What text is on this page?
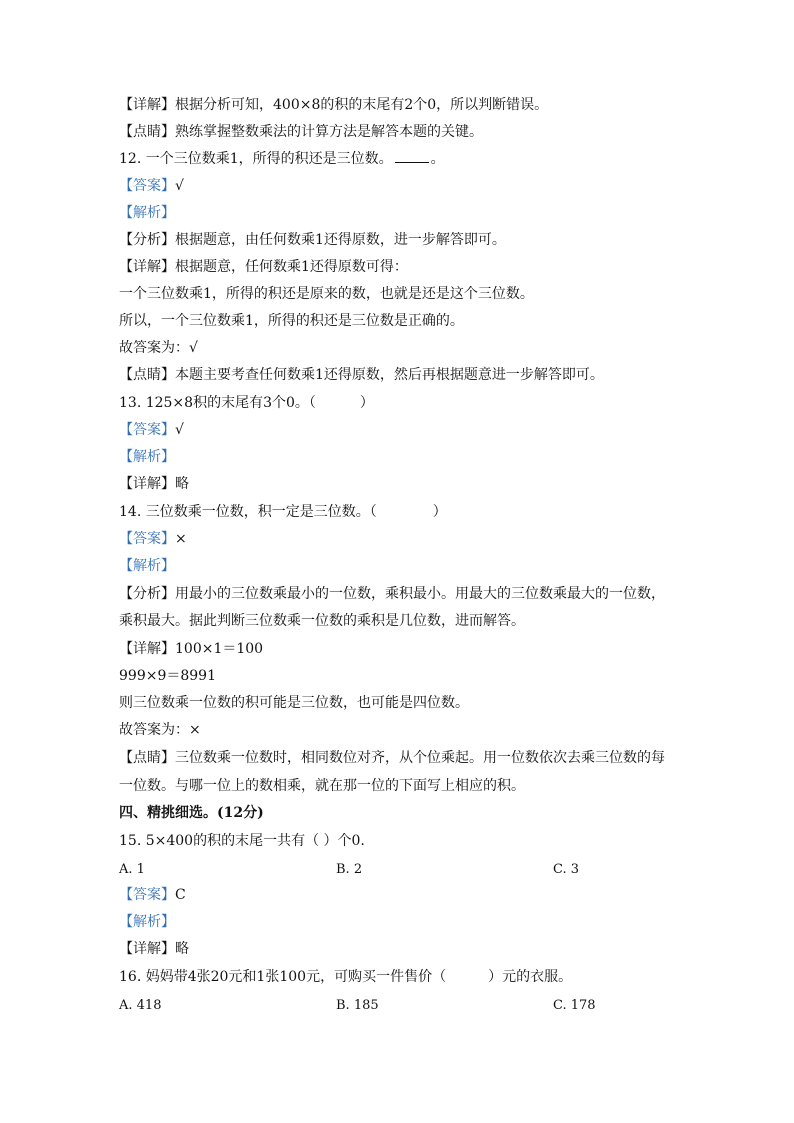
【详解】根据分析可知，400×8的积的末尾有2个0，所以判断错误。
【点睛】熟练掌握整数乘法的计算方法是解答本题的关键。
12. 一个三位数乘1，所得的积还是三位数。	。
【答案】√
【解析】
【分析】根据题意，由任何数乘1还得原数，进一步解答即可。
【详解】根据题意，任何数乘1还得原数可得：
一个三位数乘1，所得的积还是原来的数，也就是还是这个三位数。
所以，一个三位数乘1，所得的积还是三位数是正确的。
故答案为：√
【点睛】本题主要考查任何数乘1还得原数，然后再根据题意进一步解答即可。
13. 125×8积的末尾有3个0。（	）
【答案】√
【解析】
【详解】略
14. 三位数乘一位数，积一定是三位数。（	）
【答案】×
【解析】
【分析】用最小的三位数乘最小的一位数，乘积最小。用最大的三位数乘最大的一位数，
乘积最大。据此判断三位数乘一位数的乘积是几位数，进而解答。
【详解】100×1＝100
999×9＝8991
则三位数乘一位数的积可能是三位数，也可能是四位数。
故答案为：×
【点睛】三位数乘一位数时，相同数位对齐，从个位乘起。用一位数依次去乘三位数的每
一位数。与哪一位上的数相乘，就在那一位的下面写上相应的积。
四、精挑细选。(12分)
15. 5×400的积的末尾一共有（ ）个0.
A. 1	B. 2	C. 3
【答案】C
【解析】
【详解】略
16. 妈妈带4张20元和1张100元，可购买一件售价（	）元的衣服。
A. 418	B. 185	C. 178
